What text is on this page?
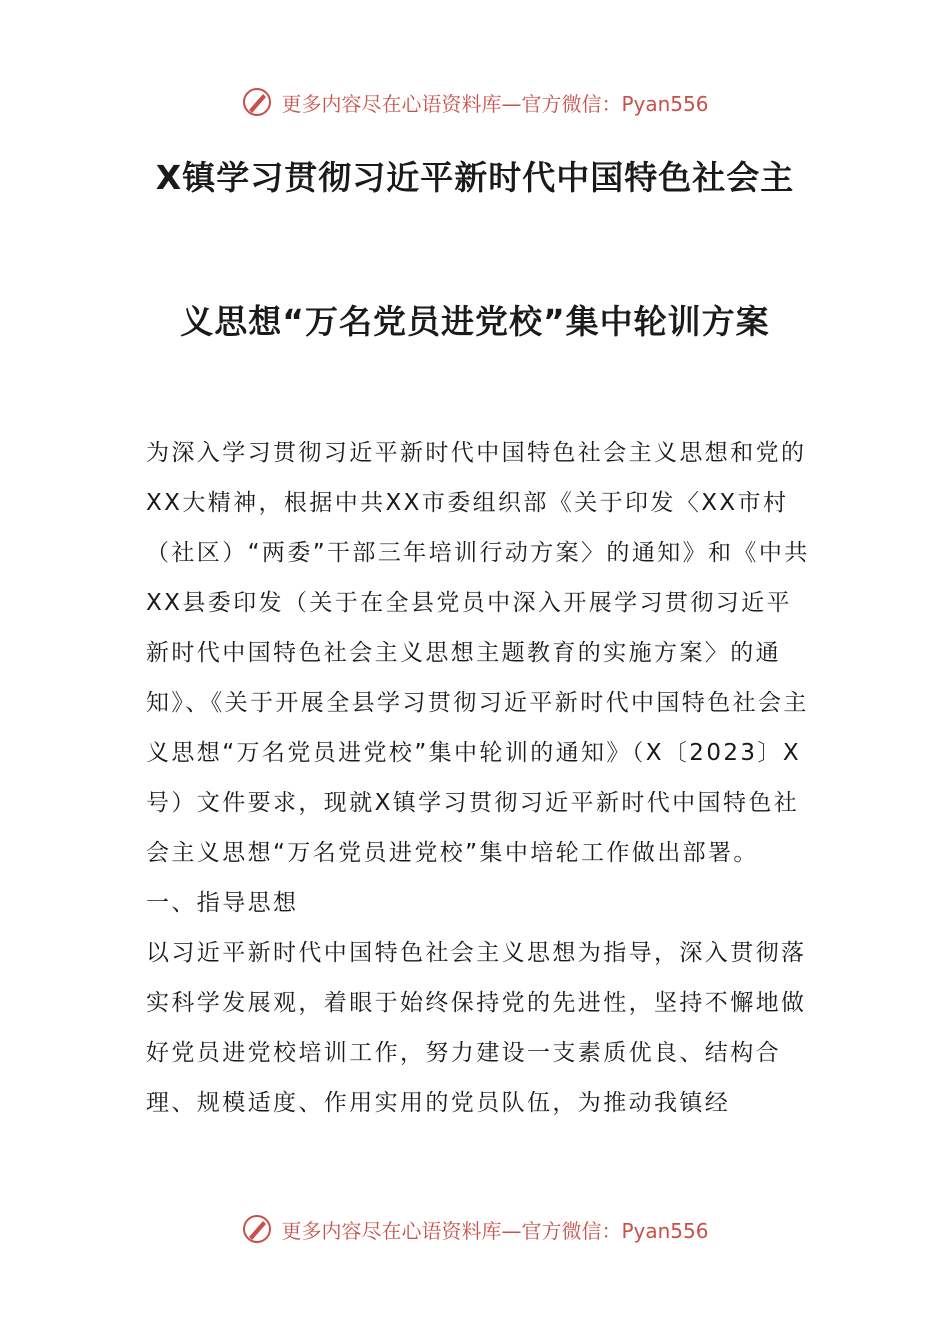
更多内容尽在心语资料库—官方微信：Pyan556
X镇学习贯彻习近平新时代中国特色社会主
义思想“万名党员进党校”集中轮训方案

为深入学习贯彻习近平新时代中国特色社会主义思想和党的XX大精神，根据中共XX市委组织部《关于印发〈XX市村（社区）“两委”干部三年培训行动方案〉的通知》和《中共XX县委印发（关于在全县党员中深入开展学习贯彻习近平新时代中国特色社会主义思想主题教育的实施方案〉的通知》、《关于开展全县学习贯彻习近平新时代中国特色社会主义思想“万名党员进党校”集中轮训的通知》（X〔2023〕X号）文件要求，现就X镇学习贯彻习近平新时代中国特色社会主义思想“万名党员进党校”集中培轮工作做出部署。

一、指导思想

以习近平新时代中国特色社会主义思想为指导，深入贯彻落实科学发展观，着眼于始终保持党的先进性，坚持不懈地做好党员进党校培训工作，努力建设一支素质优良、结构合理、规模适度、作用实用的党员队伍，为推动我镇经

更多内容尽在心语资料库—官方微信：Pyan556
